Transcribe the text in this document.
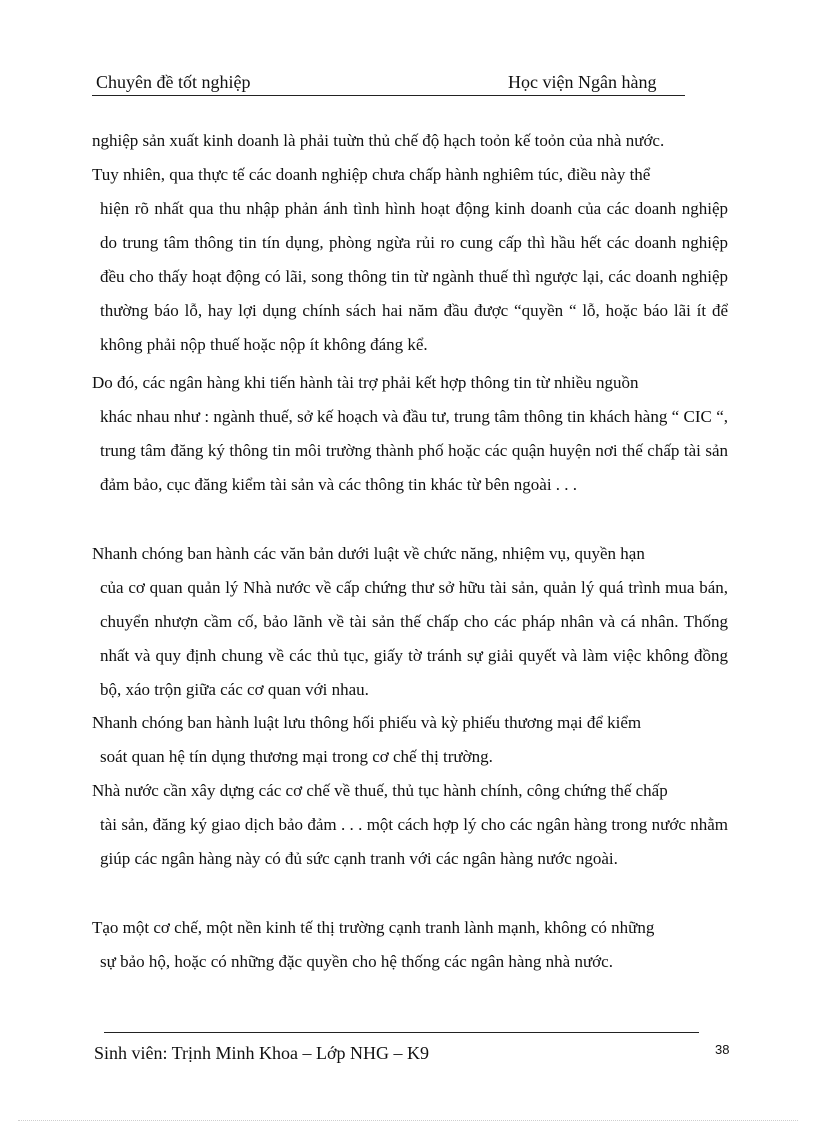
Chuyên đề tốt nghiệp	Học viện Ngân hàng

nghiệp sản xuất kinh doanh là phải tuừn thủ chế độ hạch toỏn kế toỏn của nhà nước.

Tuy nhiên, qua thực tế các doanh nghiệp chưa chấp hành nghiêm túc, điều này thể
hiện rõ nhất qua thu nhập phản ánh tình hình hoạt động kinh doanh của các doanh nghiệp do trung tâm thông tin tín dụng, phòng ngừa rủi ro cung cấp thì hầu hết các doanh nghiệp đều cho thấy hoạt động có lãi, song thông tin từ ngành thuế thì ngược lại, các doanh nghiệp thường báo lỗ, hay lợi dụng chính sách hai năm đầu được “quyền “ lỗ, hoặc báo lãi ít để không phải nộp thuế hoặc nộp ít không đáng kể.

Do đó, các ngân hàng khi tiến hành tài trợ phải kết hợp thông tin từ nhiều nguồn
khác nhau như : ngành thuế, sở kế hoạch và đầu tư, trung tâm thông tin khách hàng “ CIC “, trung tâm đăng ký thông tin môi trường thành phố hoặc các quận huyện nơi thế chấp tài sản đảm bảo, cục đăng kiểm tài sản và các thông tin khác từ bên ngoài . . .

Nhanh chóng ban hành các văn bản dưới luật về chức năng, nhiệm vụ, quyền hạn
của cơ quan quản lý Nhà nước về cấp chứng thư sở hữu tài sản, quản lý quá trình mua bán, chuyển nhượn cầm cố, bảo lãnh về tài sản thế chấp cho các pháp nhân và cá nhân. Thống nhất và quy định chung về các thủ tục, giấy tờ tránh sự giải quyết và làm việc không đồng bộ, xáo trộn giữa các cơ quan với nhau.

Nhanh chóng ban hành luật lưu thông hối phiếu và kỳ phiếu thương mại để kiểm
soát quan hệ tín dụng thương mại trong cơ chế thị trường.

Nhà nước cần xây dựng các cơ chế về thuế, thủ tục hành chính, công chứng thế chấp
tài sản, đăng ký giao dịch bảo đảm . . . một cách hợp lý cho các ngân hàng trong nước nhằm giúp các ngân hàng này có đủ sức cạnh tranh với các ngân hàng nước ngoài.

Tạo một cơ chế, một nền kinh tế thị trường cạnh tranh lành mạnh, không có những
sự bảo hộ, hoặc có những đặc quyền cho hệ thống các ngân hàng nhà nước.

Sinh viên: Trịnh Minh Khoa – Lớp NHG – K9	38
